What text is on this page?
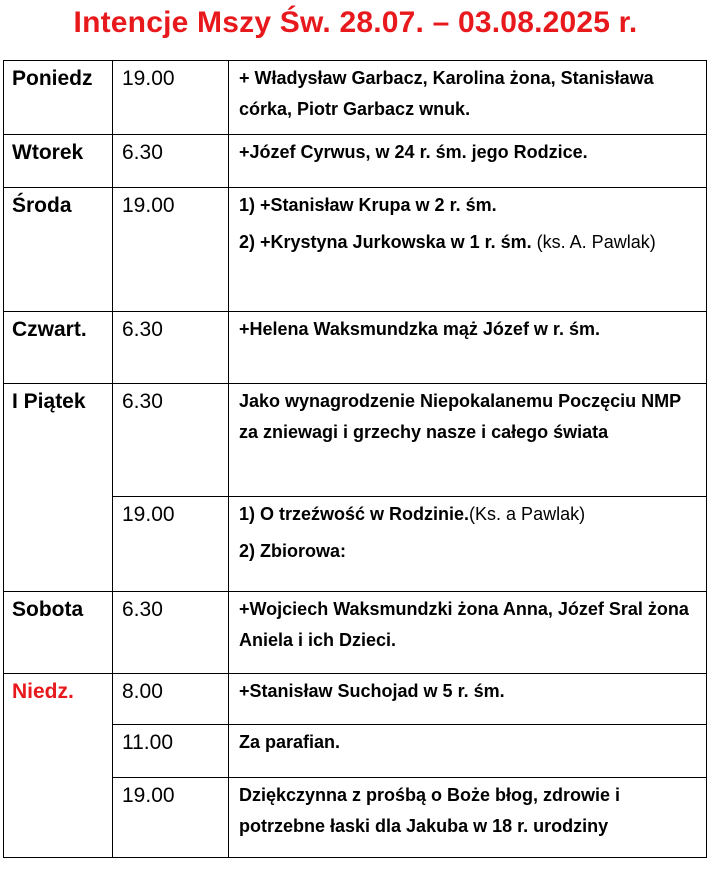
Intencje Mszy Św. 28.07. – 03.08.2025 r.
Poniedz	19.00	+ Władysław Garbacz, Karolina żona, Stanisława córka, Piotr Garbacz wnuk.

Wtorek	6.30	+Józef Cyrwus, w 24 r. śm. jego Rodzice.

Środa	19.00	1) +Stanisław Krupa w 2 r. śm.

2) +Krystyna Jurkowska w 1 r. śm. (ks. A. Pawlak)

Czwart.	6.30	+Helena Waksmundzka mąż Józef w r. śm.

I Piątek	6.30	Jako wynagrodzenie Niepokalanemu Poczęciu NMP za zniewagi i grzechy nasze i całego świata

	19.00	1) O trzeźwość w Rodzinie.(Ks. a Pawlak)

2) Zbiorowa:

Sobota	6.30	+Wojciech Waksmundzki żona Anna, Józef Sral żona Aniela i ich Dzieci.

Niedz.	8.00	+Stanisław Suchojad w 5 r. śm.

	11.00	Za parafian.

	19.00	Dziękczynna z prośbą o Boże błog, zdrowie i potrzebne łaski dla Jakuba w 18 r. urodziny
